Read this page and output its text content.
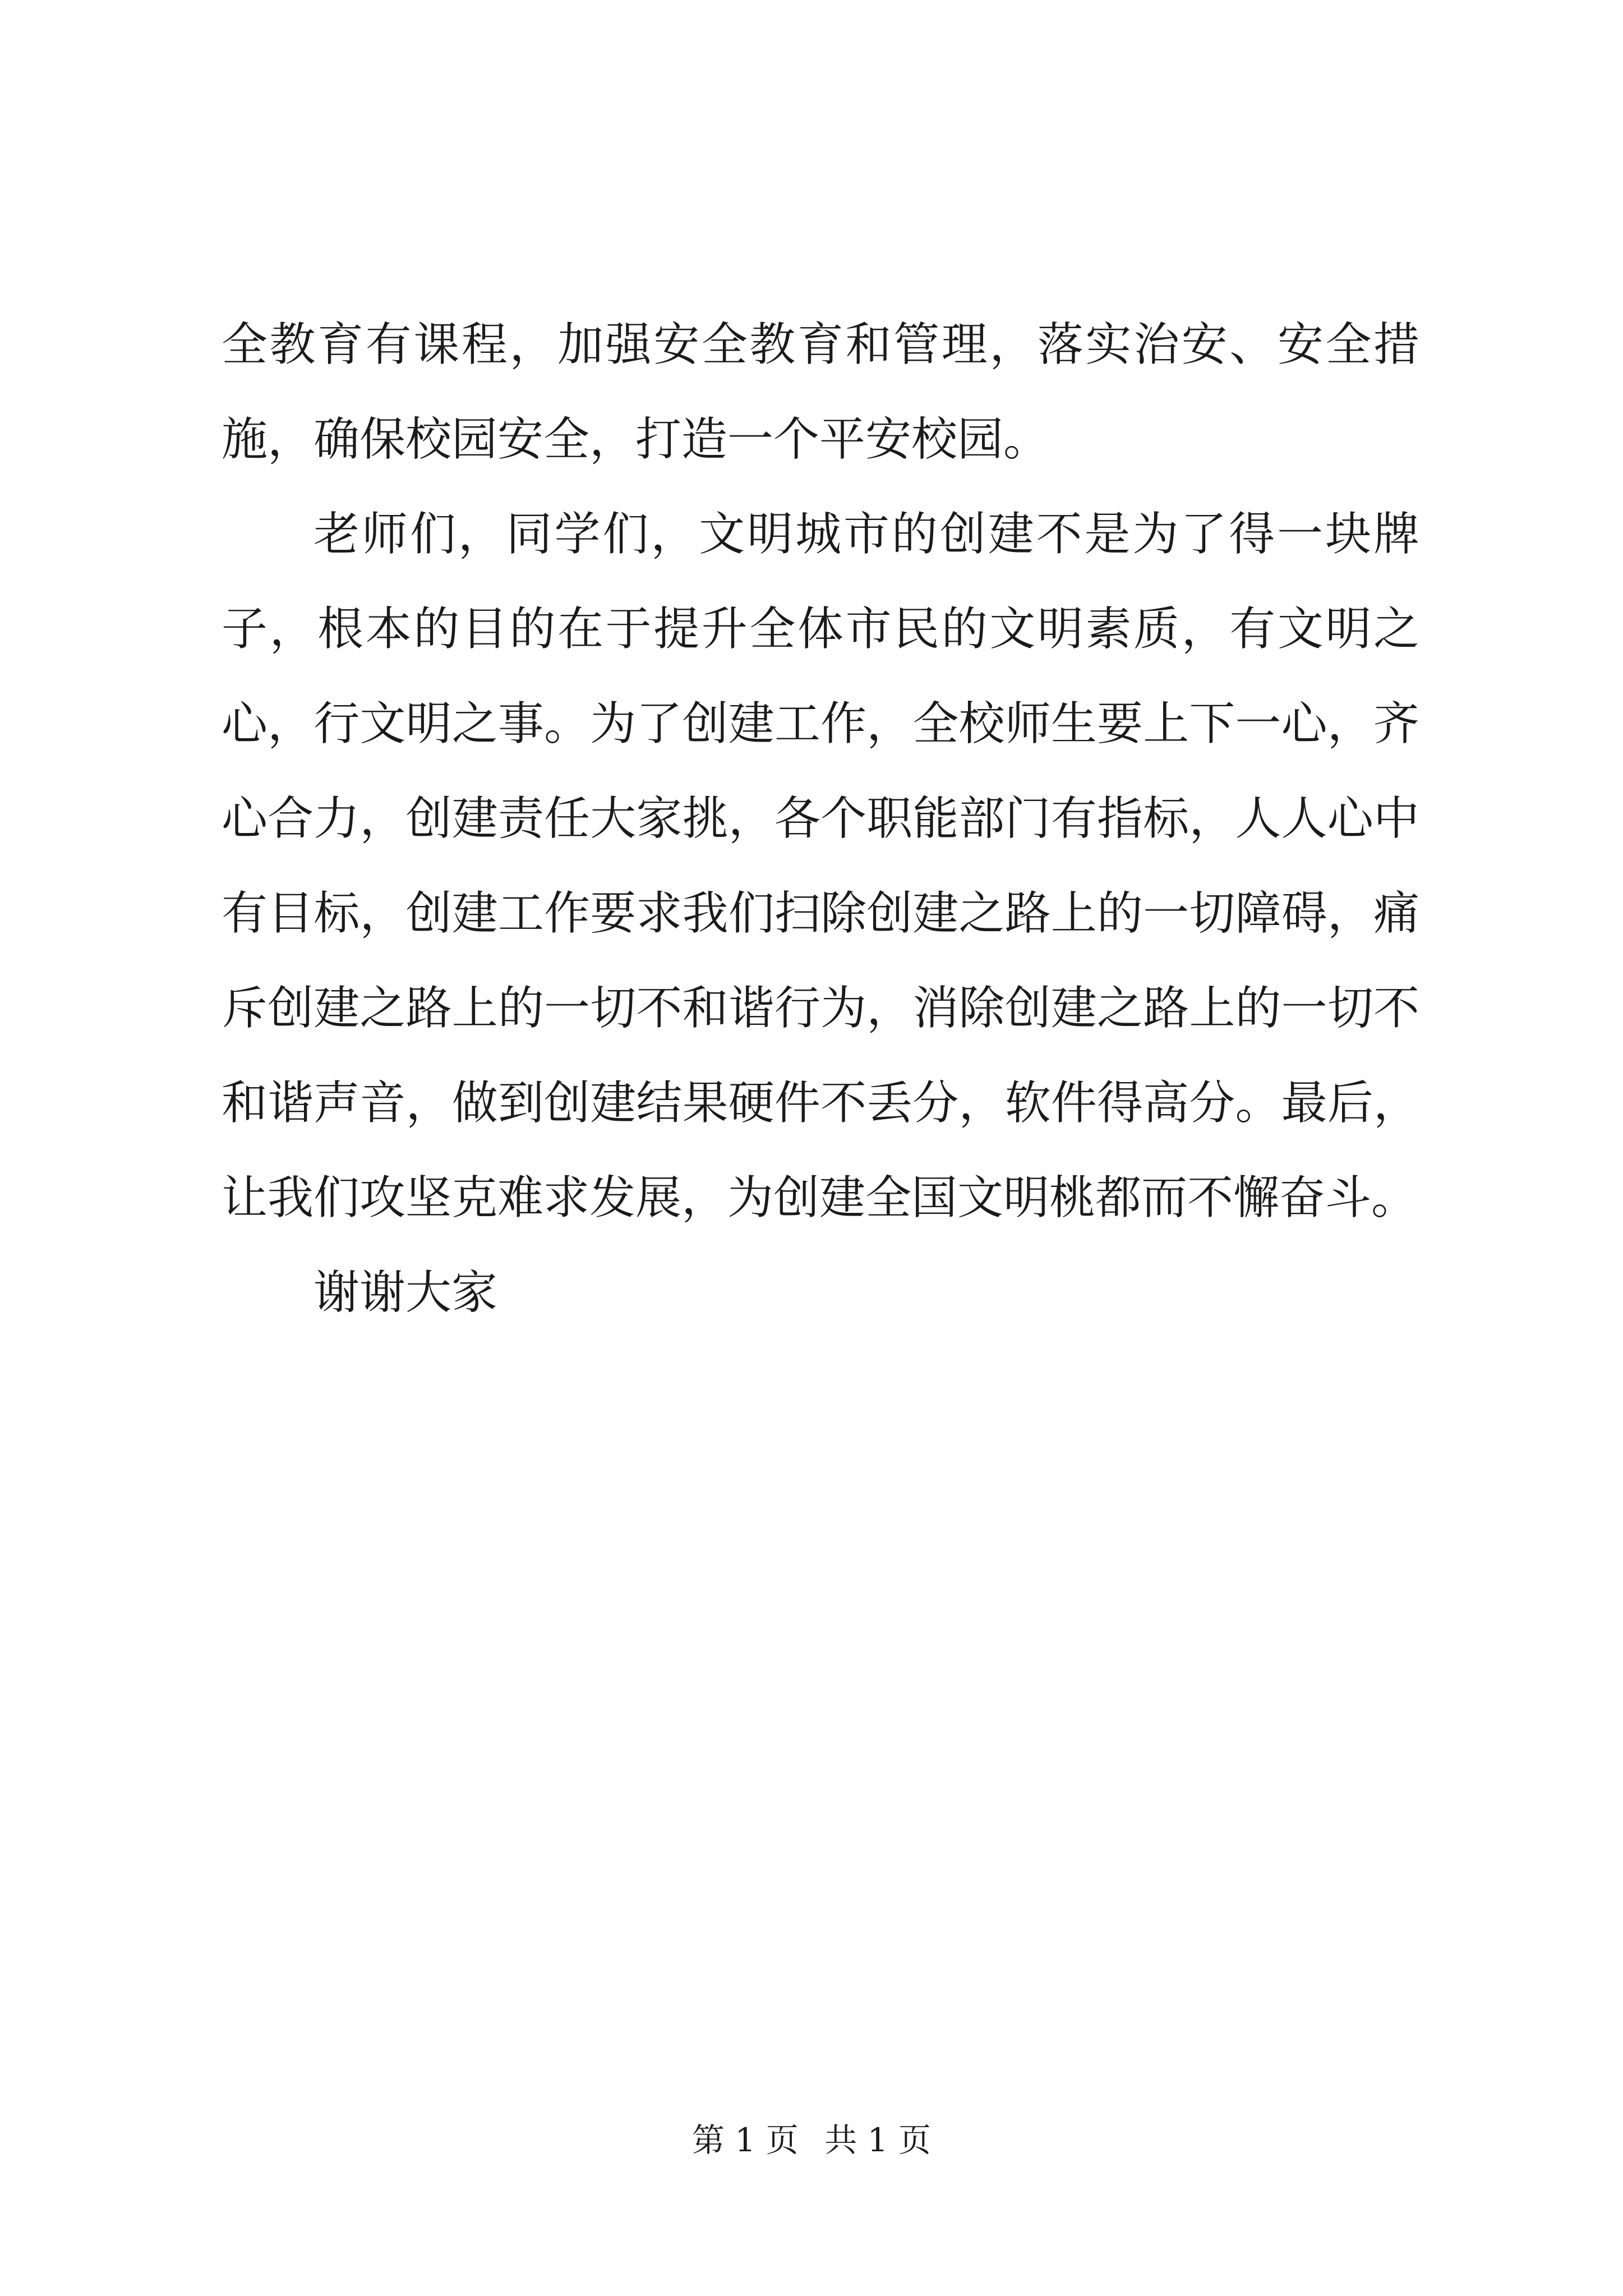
全教育有课程，加强安全教育和管理，落实治安、安全措施，确保校园安全，打造一个平安校园。

老师们，同学们，文明城市的创建不是为了得一块牌子，根本的目的在于提升全体市民的文明素质，有文明之心，行文明之事。为了创建工作，全校师生要上下一心，齐心合力，创建责任大家挑，各个职能部门有指标，人人心中有目标，创建工作要求我们扫除创建之路上的一切障碍，痛斥创建之路上的一切不和谐行为，消除创建之路上的一切不和谐声音，做到创建结果硬件不丢分，软件得高分。最后，让我们攻坚克难求发展，为创建全国文明桃都而不懈奋斗。

谢谢大家

第 1 页 共 1 页
